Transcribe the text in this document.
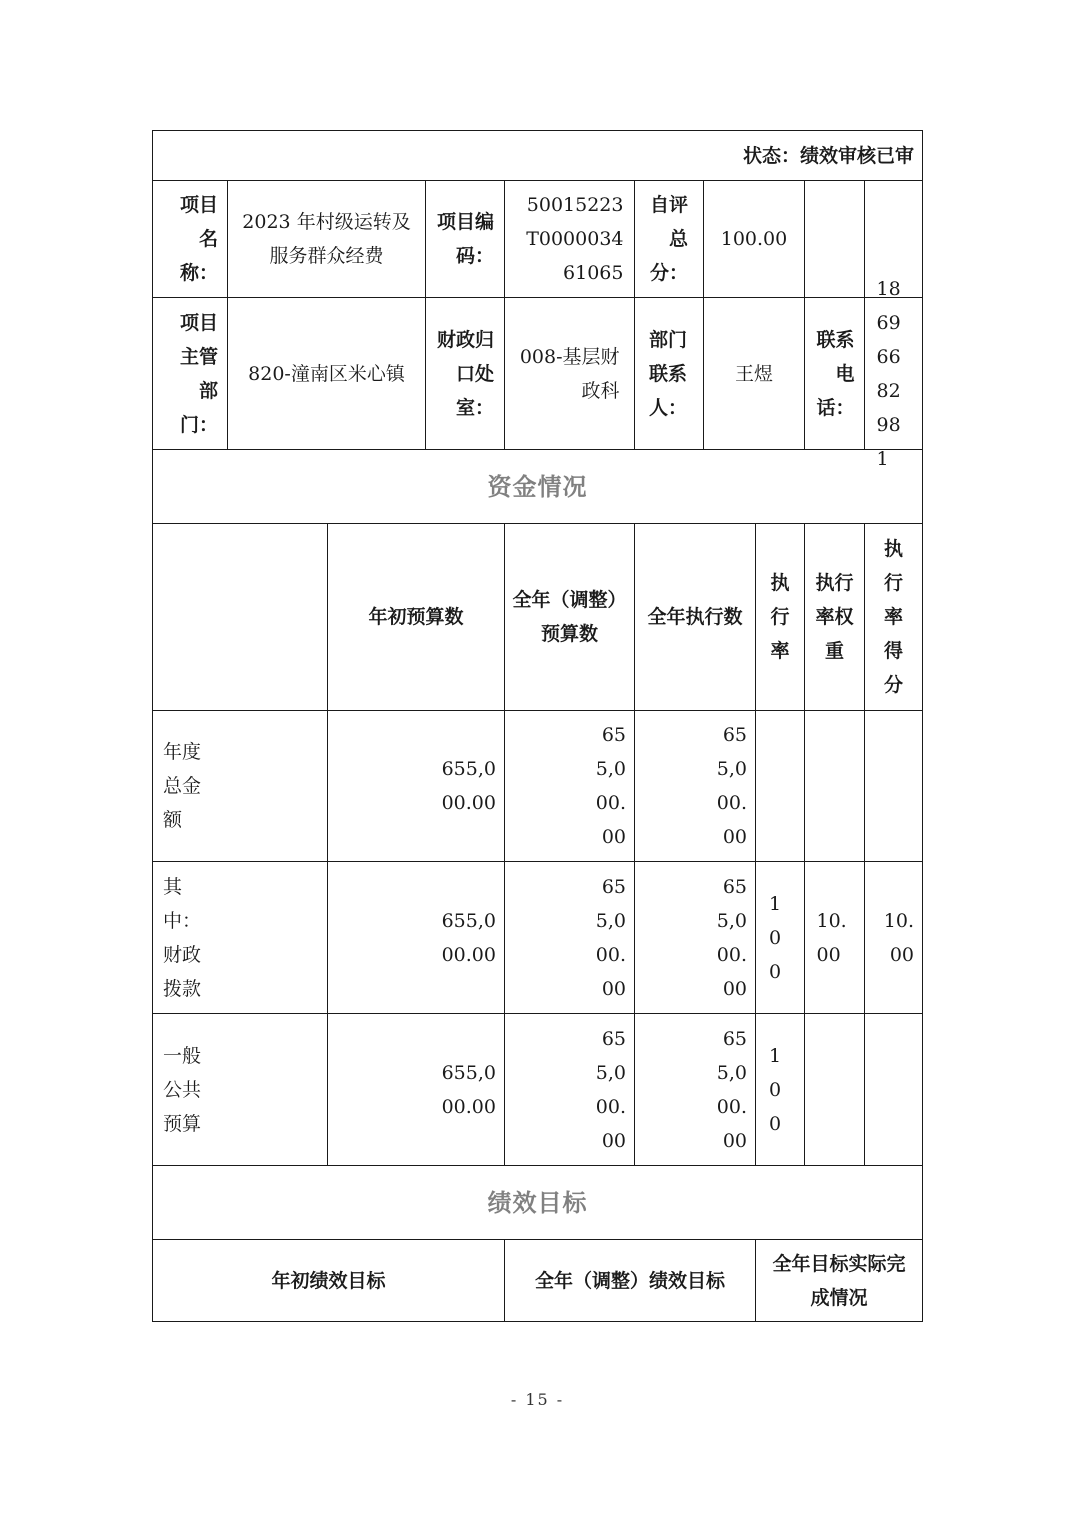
状态：绩效审核已审
项目名称：
2023 年村级运转及服务群众经费
项目编码：
50015223T000003461065
自评总分：
100.00
项目主管部门：
820-潼南区米心镇
财政归口处室：
008-基层财政科
部门联系人：
王煜
联系电话：
18696682981
资金情况
年初预算数
全年（调整）预算数
全年执行数
执行率
执行率权重
执行率得分
年度总金额
655,000.00
655,000.00
655,000.00
其中：财政拨款
655,000.00
655,000.00
655,000.00
100
10.00
10.00
一般公共预算
655,000.00
655,000.00
655,000.00
100
绩效目标
年初绩效目标	全年（调整）绩效目标
全年目标实际完成情况
- 15 -
